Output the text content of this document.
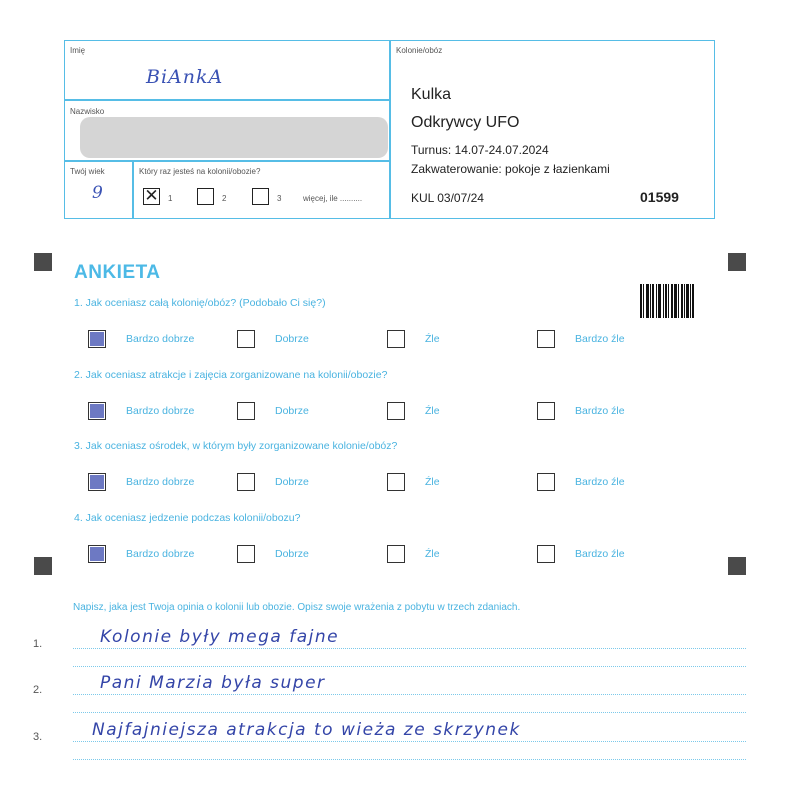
Imię
BiAnkA
Nazwisko
Twój wiek
9
Który raz jesteś na kolonii/obozie?
✕ 1	2	3	więcej, ile ..........
Kolonie/obóz
Kulka
Odkrywcy UFO
Turnus: 14.07-24.07.2024
Zakwaterowanie: pokoje z łazienkami
KUL 03/07/24	01599
ANKIETA
1. Jak oceniasz całą kolonię/obóz? (Podobało Ci się?)
Bardzo dobrze	Dobrze	Źle	Bardzo źle
2. Jak oceniasz atrakcje i zajęcia zorganizowane na kolonii/obozie?
Bardzo dobrze	Dobrze	Źle	Bardzo źle
3. Jak oceniasz ośrodek, w którym były zorganizowane kolonie/obóz?
Bardzo dobrze	Dobrze	Źle	Bardzo źle
4. Jak oceniasz jedzenie podczas kolonii/obozu?
Bardzo dobrze	Dobrze	Źle	Bardzo źle
Napisz, jaka jest Twoja opinia o kolonii lub obozie. Opisz swoje wrażenia z pobytu w trzech zdaniach.
1.	Kolonie były mega fajne
2.	Pani Marzia była super
3.	Najfajniejsza atrakcja to wieża ze skrzynek
